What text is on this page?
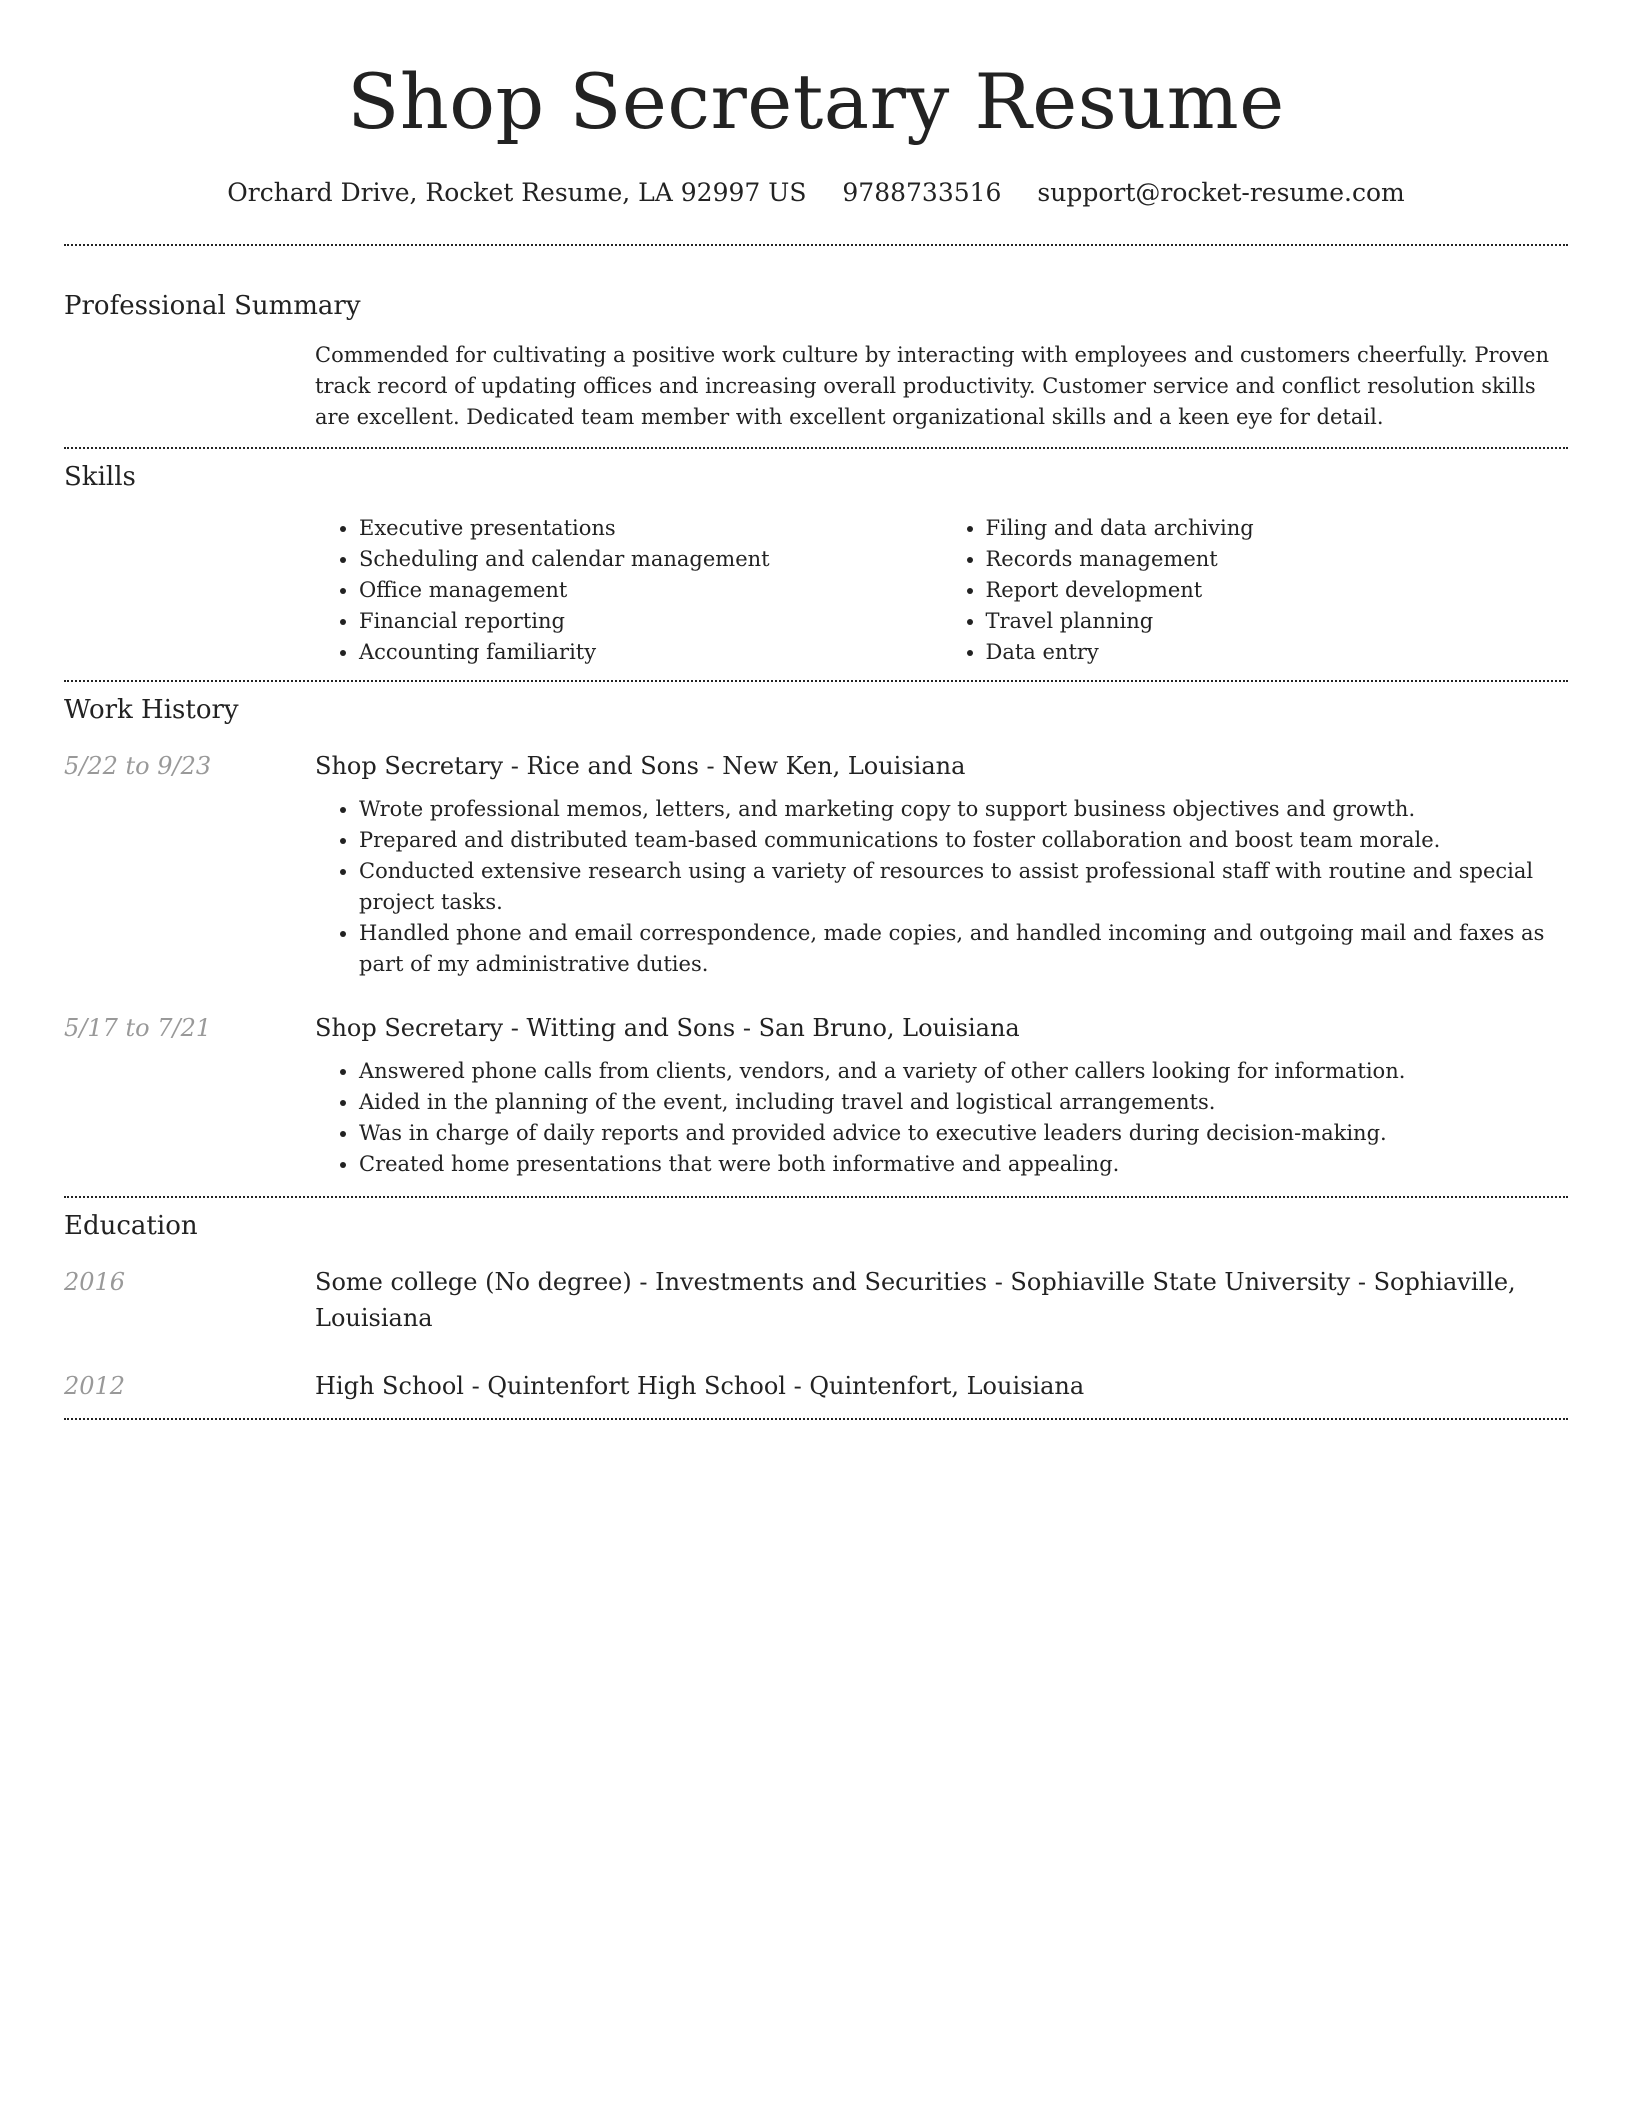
Shop Secretary Resume
Orchard Drive, Rocket Resume, LA 92997 US 9788733516 support@rocket-resume.com
Professional Summary
Commended for cultivating a positive work culture by interacting with employees and customers cheerfully. Proven track record of updating offices and increasing overall productivity. Customer service and conflict resolution skills are excellent. Dedicated team member with excellent organizational skills and a keen eye for detail.
Skills
• Executive presentations
• Scheduling and calendar management
• Office management
• Financial reporting
• Accounting familiarity
• Filing and data archiving
• Records management
• Report development
• Travel planning
• Data entry
Work History
5/22 to 9/23	Shop Secretary - Rice and Sons - New Ken, Louisiana
• Wrote professional memos, letters, and marketing copy to support business objectives and growth.
• Prepared and distributed team-based communications to foster collaboration and boost team morale.
• Conducted extensive research using a variety of resources to assist professional staff with routine and special project tasks.
• Handled phone and email correspondence, made copies, and handled incoming and outgoing mail and faxes as part of my administrative duties.
5/17 to 7/21	Shop Secretary - Witting and Sons - San Bruno, Louisiana
• Answered phone calls from clients, vendors, and a variety of other callers looking for information.
• Aided in the planning of the event, including travel and logistical arrangements.
• Was in charge of daily reports and provided advice to executive leaders during decision-making.
• Created home presentations that were both informative and appealing.
Education
2016	Some college (No degree) - Investments and Securities - Sophiaville State University - Sophiaville, Louisiana
2012	High School - Quintenfort High School - Quintenfort, Louisiana
